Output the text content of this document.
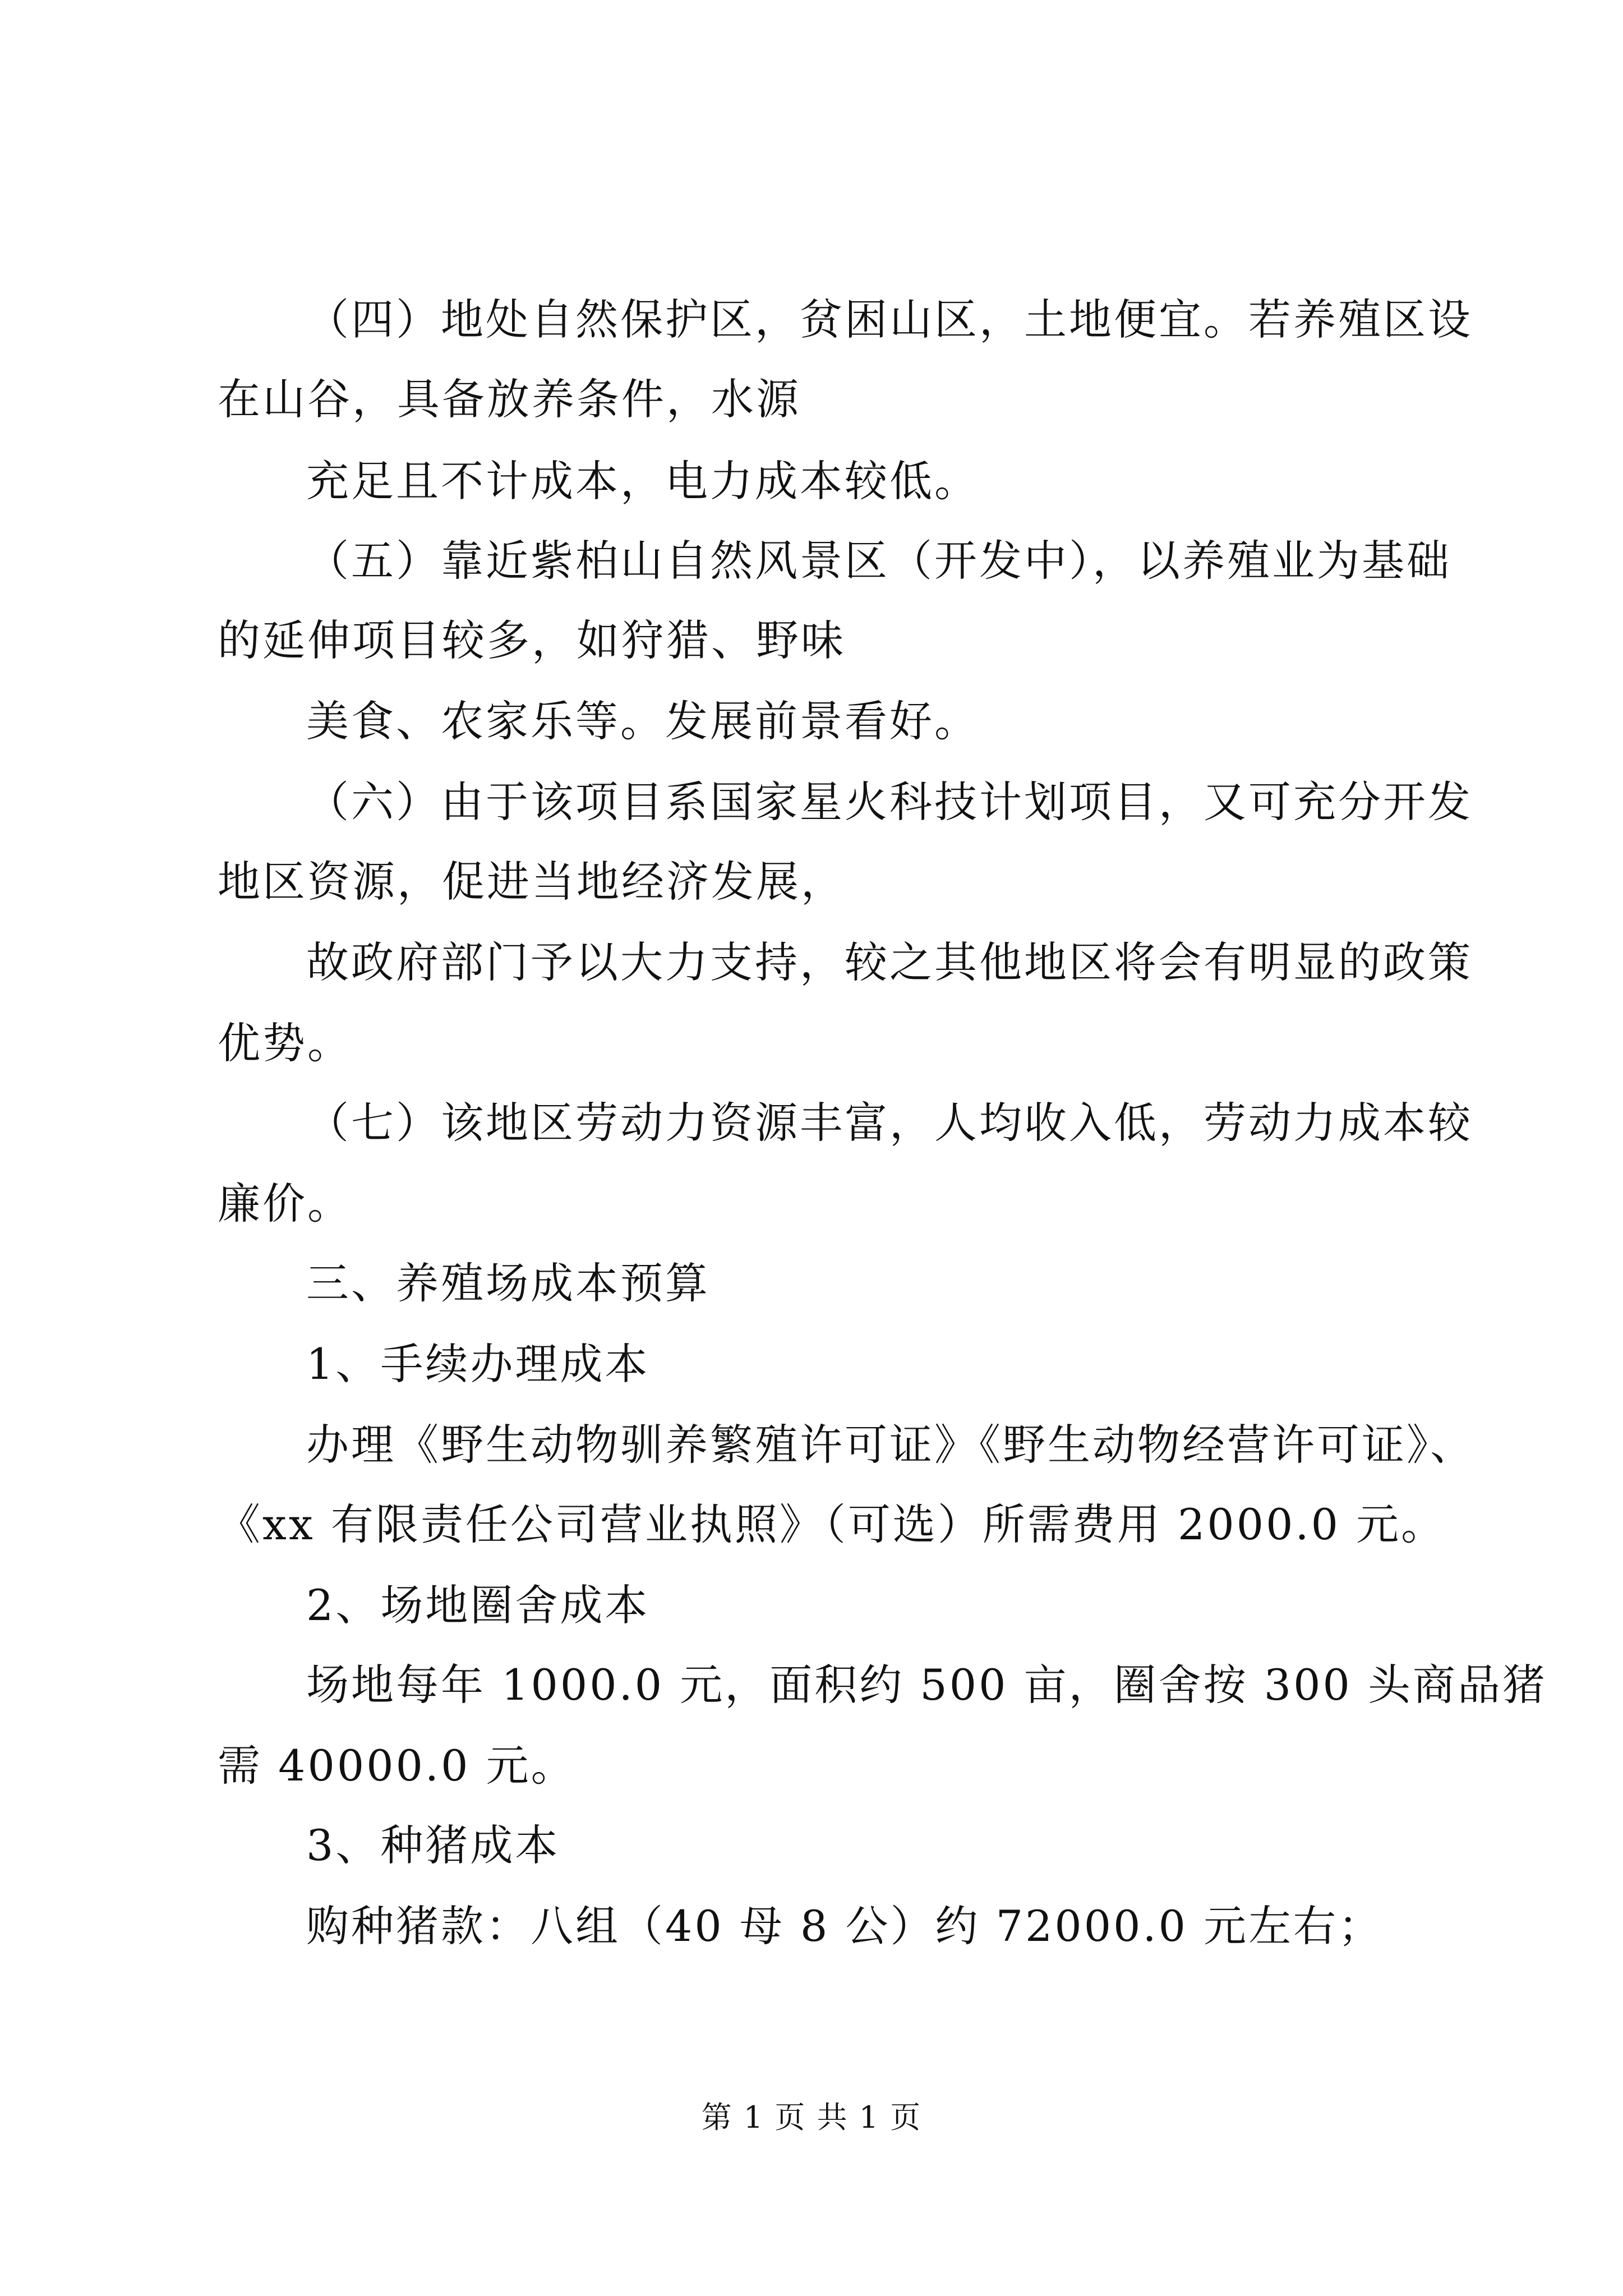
（四）地处自然保护区，贫困山区，土地便宜。若养殖区设
在山谷，具备放养条件，水源
充足且不计成本，电力成本较低。
（五）靠近紫柏山自然风景区（开发中），以养殖业为基础
的延伸项目较多，如狩猎、野味
美食、农家乐等。发展前景看好。
（六）由于该项目系国家星火科技计划项目，又可充分开发
地区资源，促进当地经济发展，
故政府部门予以大力支持，较之其他地区将会有明显的政策
优势。
（七）该地区劳动力资源丰富，人均收入低，劳动力成本较
廉价。
三、养殖场成本预算
1、手续办理成本
办理《野生动物驯养繁殖许可证》《野生动物经营许可证》、
《xx 有限责任公司营业执照》（可选）所需费用 2000.0 元。
2、场地圈舍成本
场地每年 1000.0 元，面积约 500 亩，圈舍按 300 头商品猪
需 40000.0 元。
3、种猪成本
购种猪款：八组（40 母 8 公）约 72000.0 元左右；
第 1 页 共 1 页
